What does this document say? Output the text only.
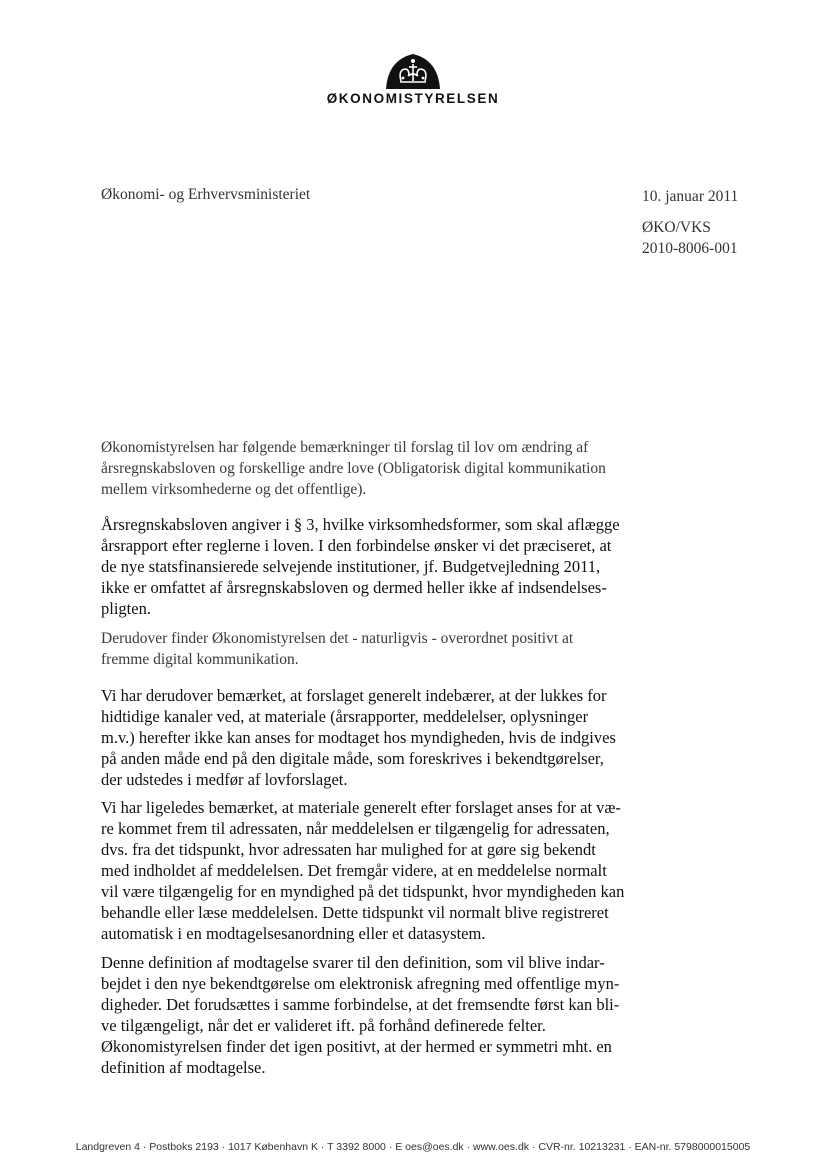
ØKONOMISTYRELSEN
Økonomi- og Erhvervsministeriet	10. januar 2011
ØKO/VKS
2010-8006-001

Økonomistyrelsen har følgende bemærkninger til forslag til lov om ændring af
årsregnskabsloven og forskellige andre love (Obligatorisk digital kommunikation
mellem virksomhederne og det offentlige).

Årsregnskabsloven angiver i § 3, hvilke virksomhedsformer, som skal aflægge
årsrapport efter reglerne i loven. I den forbindelse ønsker vi det præciseret, at
de nye statsfinansierede selvejende institutioner, jf. Budgetvejledning 2011,
ikke er omfattet af årsregnskabsloven og dermed heller ikke af indsendelses-
pligten.

Derudover finder Økonomistyrelsen det - naturligvis - overordnet positivt at
fremme digital kommunikation.

Vi har derudover bemærket, at forslaget generelt indebærer, at der lukkes for
hidtidige kanaler ved, at materiale (årsrapporter, meddelelser, oplysninger
m.v.) herefter ikke kan anses for modtaget hos myndigheden, hvis de indgives
på anden måde end på den digitale måde, som foreskrives i bekendtgørelser,
der udstedes i medfør af lovforslaget.

Vi har ligeledes bemærket, at materiale generelt efter forslaget anses for at væ-
re kommet frem til adressaten, når meddelelsen er tilgængelig for adressaten,
dvs. fra det tidspunkt, hvor adressaten har mulighed for at gøre sig bekendt
med indholdet af meddelelsen. Det fremgår videre, at en meddelelse normalt
vil være tilgængelig for en myndighed på det tidspunkt, hvor myndigheden kan
behandle eller læse meddelelsen. Dette tidspunkt vil normalt blive registreret
automatisk i en modtagelsesanordning eller et datasystem.

Denne definition af modtagelse svarer til den definition, som vil blive indar-
bejdet i den nye bekendtgørelse om elektronisk afregning med offentlige myn-
digheder. Det forudsættes i samme forbindelse, at det fremsendte først kan bli-
ve tilgængeligt, når det er valideret ift. på forhånd definerede felter.
Økonomistyrelsen finder det igen positivt, at der hermed er symmetri mht. en
definition af modtagelse.

Landgreven 4 · Postboks 2193 · 1017 København K · T 3392 8000 · E oes@oes.dk · www.oes.dk · CVR-nr. 10213231 · EAN-nr. 5798000015005
